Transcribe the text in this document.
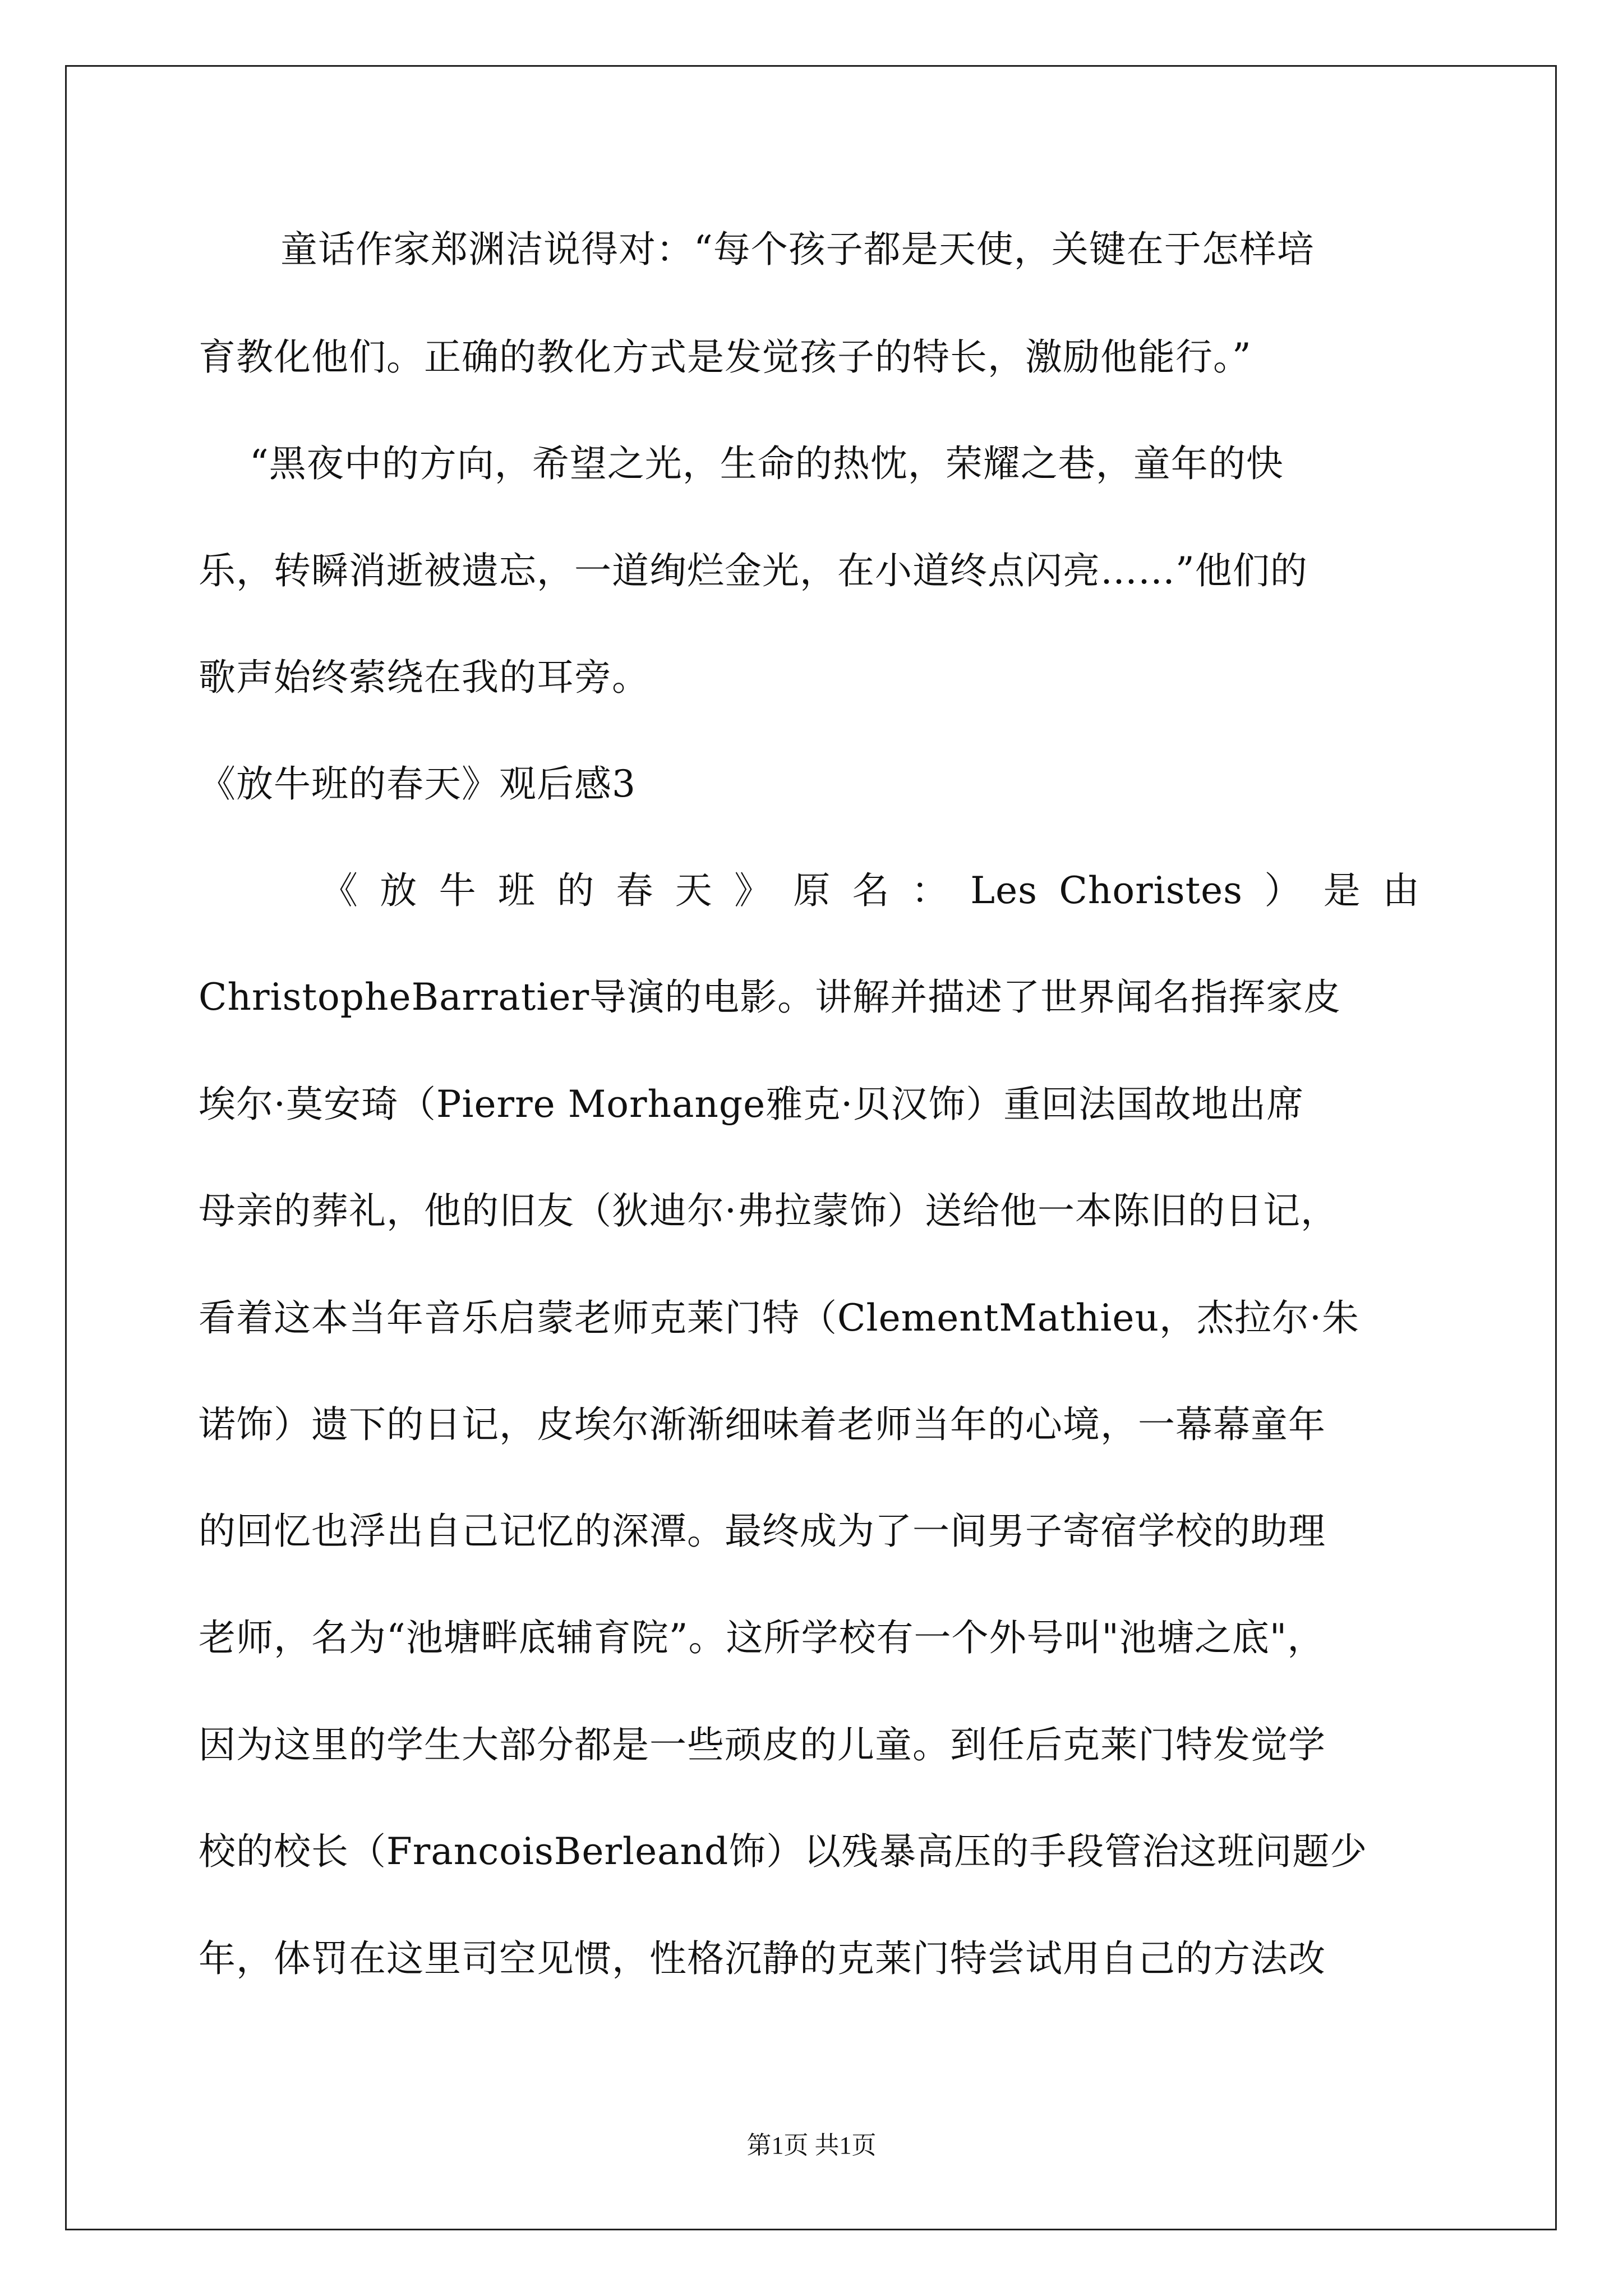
童话作家郑渊洁说得对：“每个孩子都是天使，关键在于怎样培
育教化他们。正确的教化方式是发觉孩子的特长，激励他能行。”
“黑夜中的方向，希望之光，生命的热忱，荣耀之巷，童年的快
乐，转瞬消逝被遗忘，一道绚烂金光，在小道终点闪亮……”他们的
歌声始终萦绕在我的耳旁。
《放牛班的春天》观后感3
《 放 牛 班 的 春 天 》 原 名 ： Les Choristes ） 是 由
ChristopheBarratier导演的电影。讲解并描述了世界闻名指挥家皮
埃尔·莫安琦（Pierre Morhange雅克·贝汉饰）重回法国故地出席
母亲的葬礼，他的旧友（狄迪尔·弗拉蒙饰）送给他一本陈旧的日记，
看着这本当年音乐启蒙老师克莱门特（ClementMathieu，杰拉尔·朱
诺饰）遗下的日记，皮埃尔渐渐细味着老师当年的心境，一幕幕童年
的回忆也浮出自己记忆的深潭。最终成为了一间男子寄宿学校的助理
老师，名为“池塘畔底辅育院”。这所学校有一个外号叫"池塘之底"，
因为这里的学生大部分都是一些顽皮的儿童。到任后克莱门特发觉学
校的校长（FrancoisBerleand饰）以残暴高压的手段管治这班问题少
年，体罚在这里司空见惯，性格沉静的克莱门特尝试用自己的方法改
第1页 共1页
